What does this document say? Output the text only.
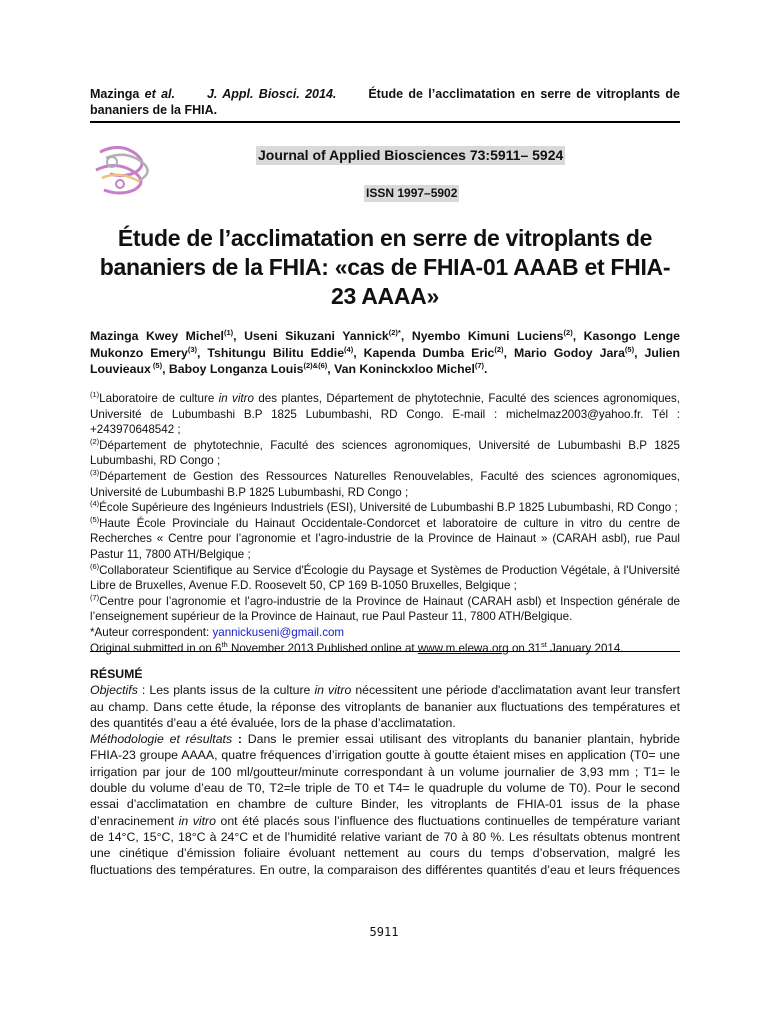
Mazinga et al.	J. Appl. Biosci. 2014.	Étude de l’acclimatation en serre de vitroplants de bananiers de la FHIA.
Journal of Applied Biosciences 73:5911– 5924
ISSN 1997–5902
Étude de l’acclimatation en serre de vitroplants de
bananiers de la FHIA: «cas de FHIA-01 AAAB et FHIA-
23 AAAA»
Mazinga Kwey Michel$^{(1)}$, Useni Sikuzani Yannick$^{(2)*}$, Nyembo Kimuni Luciens$^{(2)}$, Kasongo Lenge Mukonzo Emery$^{(3)}$, Tshitungu Bilitu Eddie$^{(4)}$, Kapenda Dumba Eric$^{(2)}$, Mario Godoy Jara$^{(5)}$, Julien Louvieaux $^{(5)}$, Baboy Longanza Louis$^{(2)\&(6)}$, Van Koninckxloo Michel$^{(7)}$.
$^{(1)}$Laboratoire de culture in vitro des plantes, Département de phytotechnie, Faculté des sciences agronomiques, Université de Lubumbashi B.P 1825 Lubumbashi, RD Congo. E-mail : michelmaz2003@yahoo.fr. Tél : +243970648542 ;
$^{(2)}$Département de phytotechnie, Faculté des sciences agronomiques, Université de Lubumbashi B.P 1825 Lubumbashi, RD Congo ;
$^{(3)}$Département de Gestion des Ressources Naturelles Renouvelables, Faculté des sciences agronomiques, Université de Lubumbashi B.P 1825 Lubumbashi, RD Congo ;
$^{(4)}$École Supérieure des Ingénieurs Industriels (ESI), Université de Lubumbashi B.P 1825 Lubumbashi, RD Congo ;
$^{(5)}$Haute École Provinciale du Hainaut Occidentale-Condorcet et laboratoire de culture in vitro du centre de Recherches « Centre pour l’agronomie et l’agro-industrie de la Province de Hainaut » (CARAH asbl), rue Paul Pastur 11, 7800 ATH/Belgique ;
$^{(6)}$Collaborateur Scientifique au Service d'Écologie du Paysage et Systèmes de Production Végétale, à l'Université Libre de Bruxelles, Avenue F.D. Roosevelt 50, CP 169 B-1050 Bruxelles, Belgique ;
$^{(7)}$Centre pour l’agronomie et l’agro-industrie de la Province de Hainaut (CARAH asbl) et Inspection générale de l’enseignement supérieur de la Province de Hainaut, rue Paul Pasteur 11, 7800 ATH/Belgique.
*Auteur correspondent: yannickuseni@gmail.com
Original submitted in on 6th November 2013 Published online at www.m.elewa.org on 31st January 2014.
RÉSUMÉ

Objectifs : Les plants issus de la culture in vitro nécessitent une période d'acclimatation avant leur transfert au champ. Dans cette étude, la réponse des vitroplants de bananier aux fluctuations des températures et des quantités d’eau a été évaluée, lors de la phase d’acclimatation.

Méthodologie et résultats : Dans le premier essai utilisant des vitroplants du bananier plantain, hybride FHIA-23 groupe AAAA, quatre fréquences d’irrigation goutte à goutte étaient mises en application (T0= une irrigation par jour de 100 ml/goutteur/minute correspondant à un volume journalier de 3,93 mm ; T1= le double du volume d’eau de T0, T2=le triple de T0 et T4= le quadruple du volume de T0). Pour le second essai d’acclimatation en chambre de culture Binder, les vitroplants de FHIA-01 issus de la phase d’enracinement in vitro ont été placés sous l’influence des fluctuations continuelles de température variant de 14°C, 15°C, 18°C à 24°C et de l’humidité relative variant de 70 à 80 %. Les résultats obtenus montrent une cinétique d’émission foliaire évoluant nettement au cours du temps d’observation, malgré les fluctuations des températures. En outre, la comparaison des différentes quantités d’eau et leurs fréquences

5911
